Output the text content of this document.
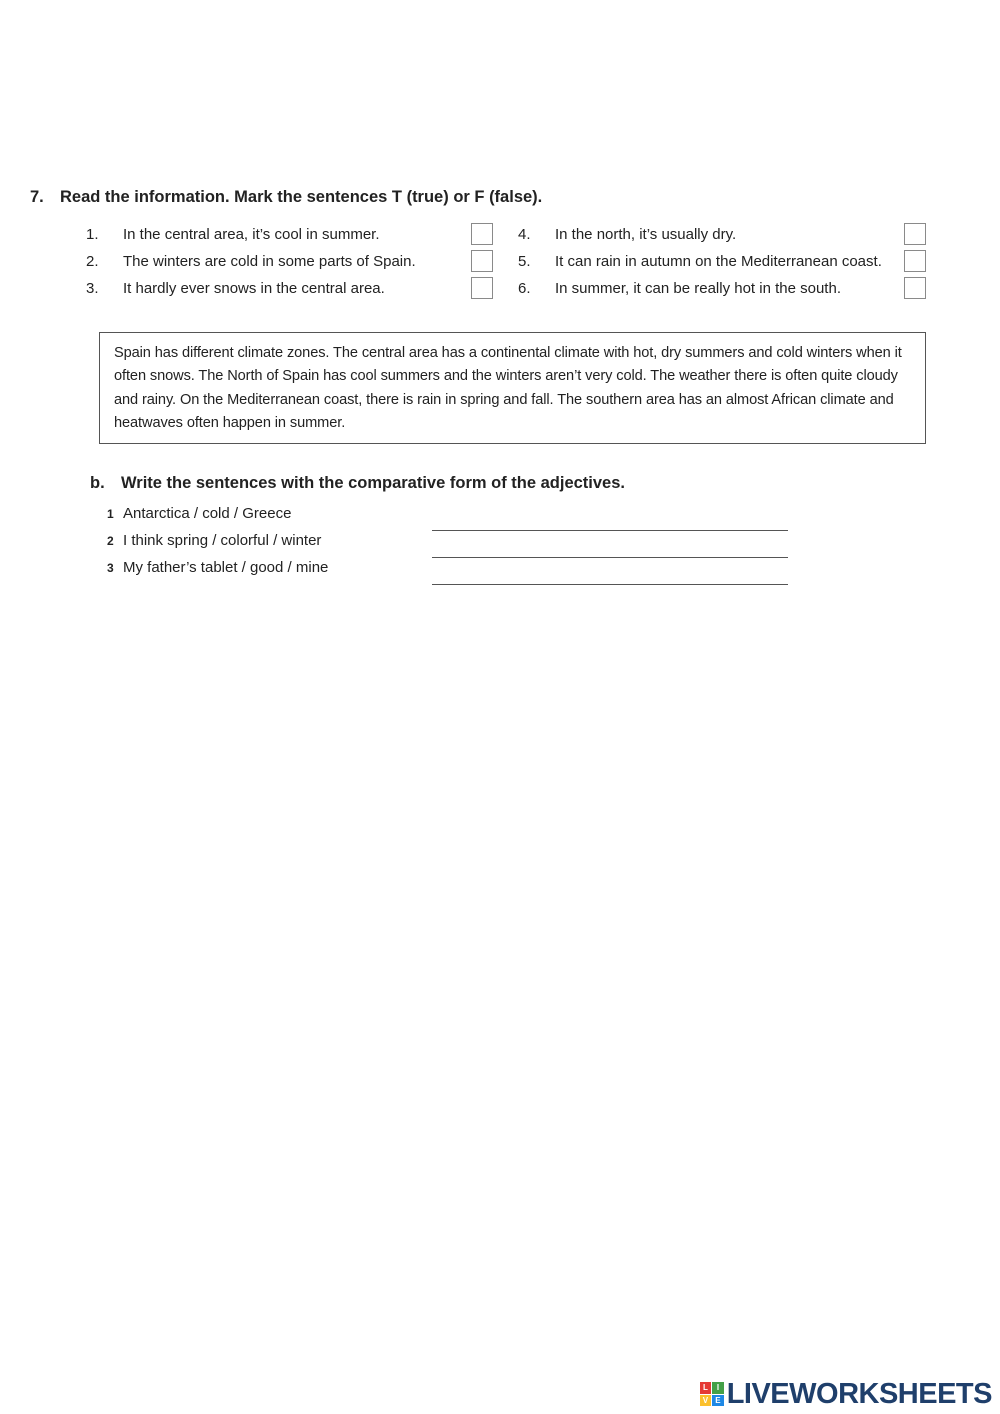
7. Read the information. Mark the sentences T (true) or F (false).
1. In the central area, it’s cool in summer.
2. The winters are cold in some parts of Spain.
3. It hardly ever snows in the central area.
4. In the north, it’s usually dry.
5. It can rain in autumn on the Mediterranean coast.
6. In summer, it can be really hot in the south.
Spain has different climate zones. The central area has a continental climate with hot, dry summers and cold winters when it often snows. The North of Spain has cool summers and the winters aren’t very cold. The weather there is often quite cloudy and rainy. On the Mediterranean coast, there is rain in spring and fall. The southern area has an almost African climate and heatwaves often happen in summer.
b. Write the sentences with the comparative form of the adjectives.
1 Antarctica / cold / Greece
2 I think spring / colorful / winter
3 My father’s tablet / good / mine
L	I
V E LIVEWORKSHEETS
